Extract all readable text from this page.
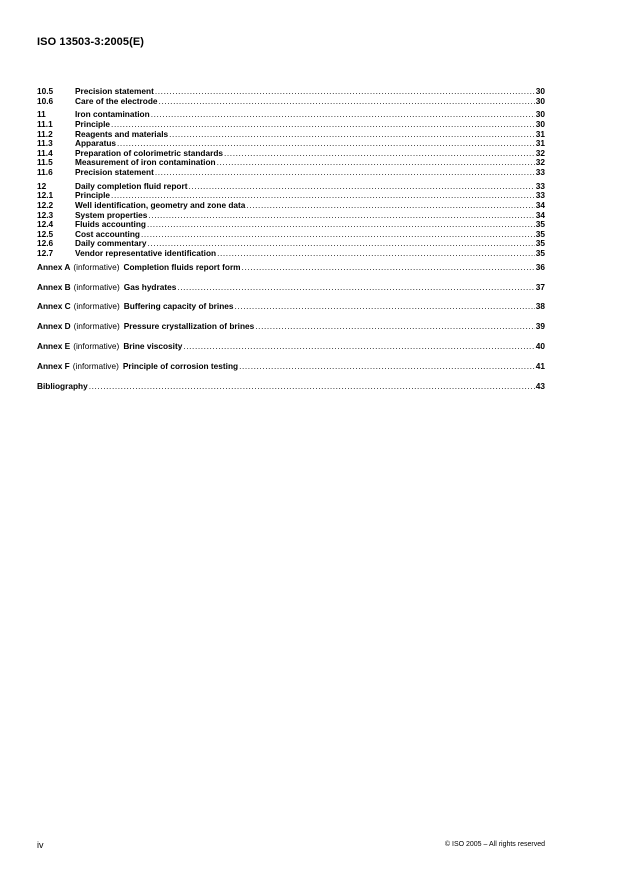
ISO 13503-3:2005(E)
10.5	Precision statement .....	30
10.6	Care of the electrode .....	30
11	Iron contamination .....	30
11.1	Principle .....	30
11.2	Reagents and materials .....	31
11.3	Apparatus .....	31
11.4	Preparation of colorimetric standards .....	32
11.5	Measurement of iron contamination .....	32
11.6	Precision statement .....	33
12	Daily completion fluid report .....	33
12.1	Principle .....	33
12.2	Well identification, geometry and zone data .....	34
12.3	System properties .....	34
12.4	Fluids accounting .....	35
12.5	Cost accounting .....	35
12.6	Daily commentary .....	35
12.7	Vendor representative identification .....	35
Annex A (informative) Completion fluids report form .....	36
Annex B (informative) Gas hydrates .....	37
Annex C (informative) Buffering capacity of brines .....	38
Annex D (informative) Pressure crystallization of brines .....	39
Annex E (informative) Brine viscosity .....	40
Annex F (informative) Principle of corrosion testing .....	41
Bibliography .....	43
iv	© ISO 2005 – All rights reserved
